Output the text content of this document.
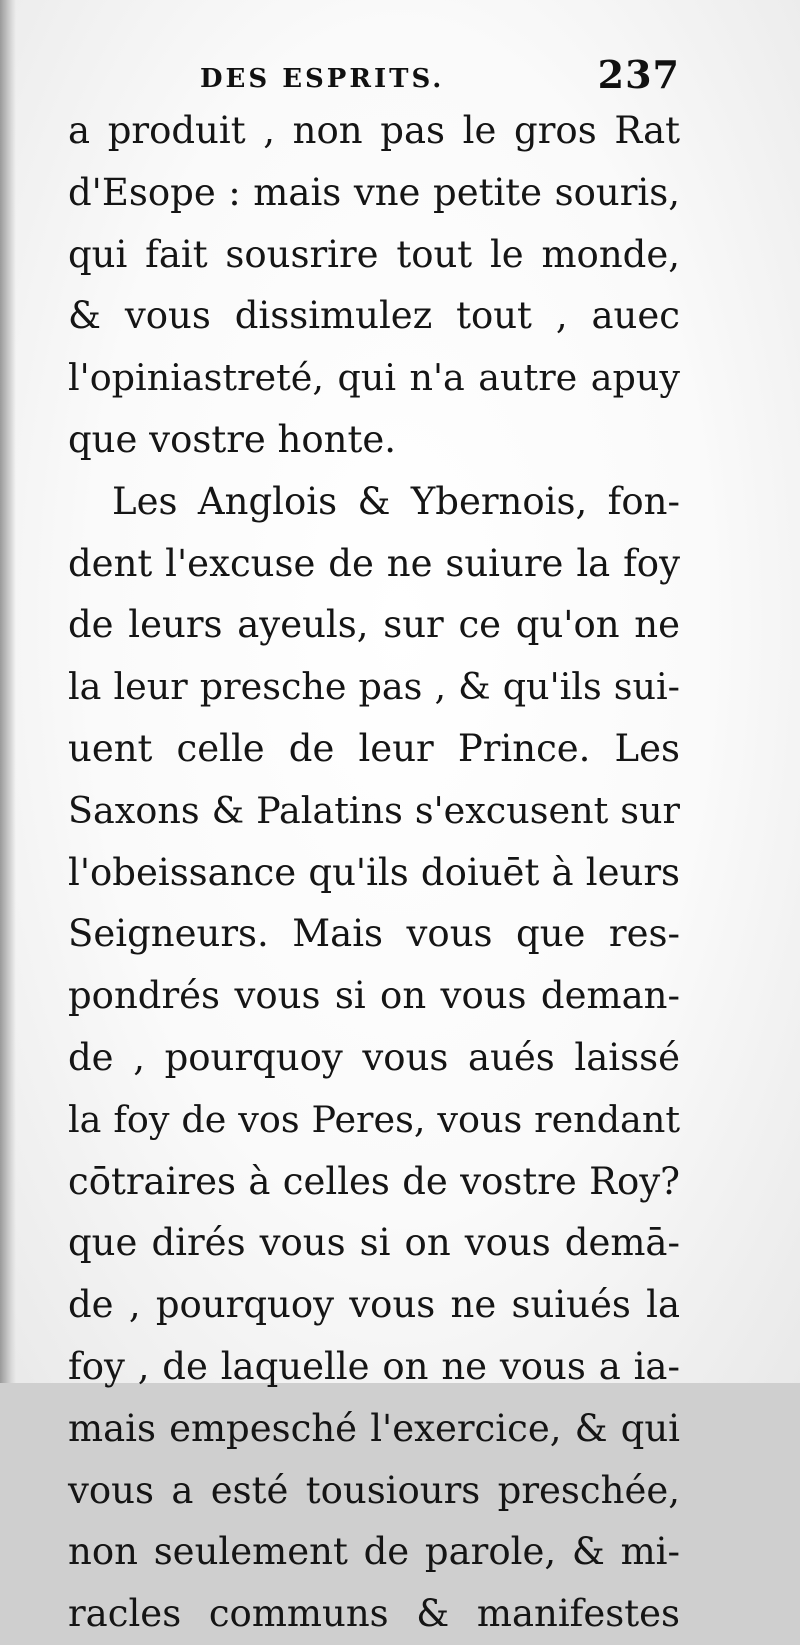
DES ESPRITS.	237
a produit , non pas le gros Rat
d'Esope : mais vne petite souris,
qui fait sousrire tout le monde,
& vous dissimulez tout , auec
l'opiniastreté, qui n'a autre apuy
que vostre honte.
Les Anglois & Ybernois, fon-
dent l'excuse de ne suiure la foy
de leurs ayeuls, sur ce qu'on ne
la leur presche pas , & qu'ils sui-
uent celle de leur Prince. Les
Saxons & Palatins s'excusent sur
l'obeissance qu'ils doiuēt à leurs
Seigneurs. Mais vous que res-
pondrés vous si on vous deman-
de , pourquoy vous aués laissé
la foy de vos Peres, vous rendant
cōtraires à celles de vostre Roy?
que dirés vous si on vous demā-
de , pourquoy vous ne suiués la
foy , de laquelle on ne vous a ia-
mais empesché l'exercice, & qui
vous a esté tousiours preschée,
non seulement de parole, & mi-
racles communs & manifestes
